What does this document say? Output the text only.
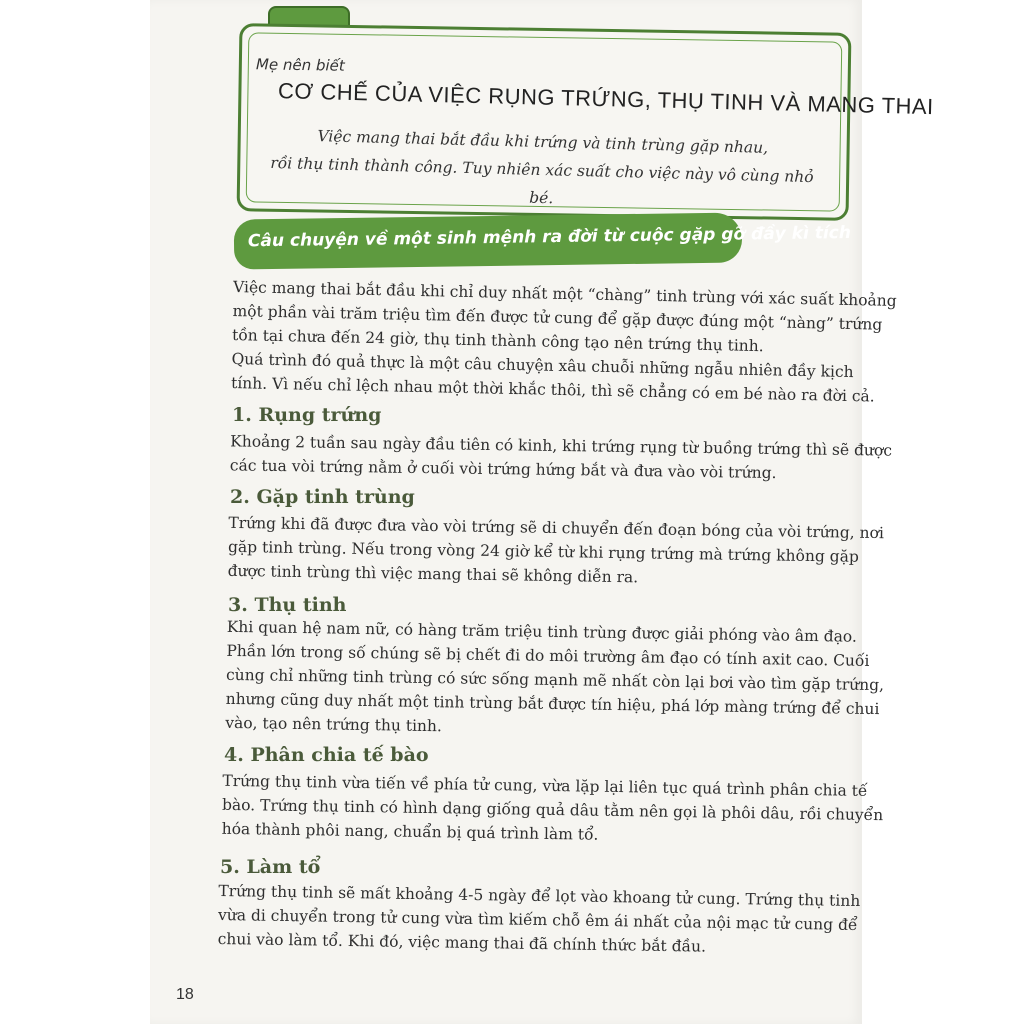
Mẹ nên biết
CƠ CHẾ CỦA VIỆC RỤNG TRỨNG, THỤ TINH VÀ MANG THAI
Việc mang thai bắt đầu khi trứng và tinh trùng gặp nhau,
rồi thụ tinh thành công. Tuy nhiên xác suất cho việc này vô cùng nhỏ bé.
Câu chuyện về một sinh mệnh ra đời từ cuộc gặp gỡ đầy kì tích
Việc mang thai bắt đầu khi chỉ duy nhất một “chàng” tinh trùng với xác suất khoảng
một phần vài trăm triệu tìm đến được tử cung để gặp được đúng một “nàng” trứng
tồn tại chưa đến 24 giờ, thụ tinh thành công tạo nên trứng thụ tinh.
Quá trình đó quả thực là một câu chuyện xâu chuỗi những ngẫu nhiên đầy kịch
tính. Vì nếu chỉ lệch nhau một thời khắc thôi, thì sẽ chẳng có em bé nào ra đời cả.
1. Rụng trứng
Khoảng 2 tuần sau ngày đầu tiên có kinh, khi trứng rụng từ buồng trứng thì sẽ được
các tua vòi trứng nằm ở cuối vòi trứng hứng bắt và đưa vào vòi trứng.
2. Gặp tinh trùng
Trứng khi đã được đưa vào vòi trứng sẽ di chuyển đến đoạn bóng của vòi trứng, nơi
gặp tinh trùng. Nếu trong vòng 24 giờ kể từ khi rụng trứng mà trứng không gặp
được tinh trùng thì việc mang thai sẽ không diễn ra.
3. Thụ tinh
Khi quan hệ nam nữ, có hàng trăm triệu tinh trùng được giải phóng vào âm đạo.
Phần lớn trong số chúng sẽ bị chết đi do môi trường âm đạo có tính axit cao. Cuối
cùng chỉ những tinh trùng có sức sống mạnh mẽ nhất còn lại bơi vào tìm gặp trứng,
nhưng cũng duy nhất một tinh trùng bắt được tín hiệu, phá lớp màng trứng để chui
vào, tạo nên trứng thụ tinh.
4. Phân chia tế bào
Trứng thụ tinh vừa tiến về phía tử cung, vừa lặp lại liên tục quá trình phân chia tế
bào. Trứng thụ tinh có hình dạng giống quả dâu tằm nên gọi là phôi dâu, rồi chuyển
hóa thành phôi nang, chuẩn bị quá trình làm tổ.
5. Làm tổ
Trứng thụ tinh sẽ mất khoảng 4-5 ngày để lọt vào khoang tử cung. Trứng thụ tinh
vừa di chuyển trong tử cung vừa tìm kiếm chỗ êm ái nhất của nội mạc tử cung để
chui vào làm tổ. Khi đó, việc mang thai đã chính thức bắt đầu.
18
